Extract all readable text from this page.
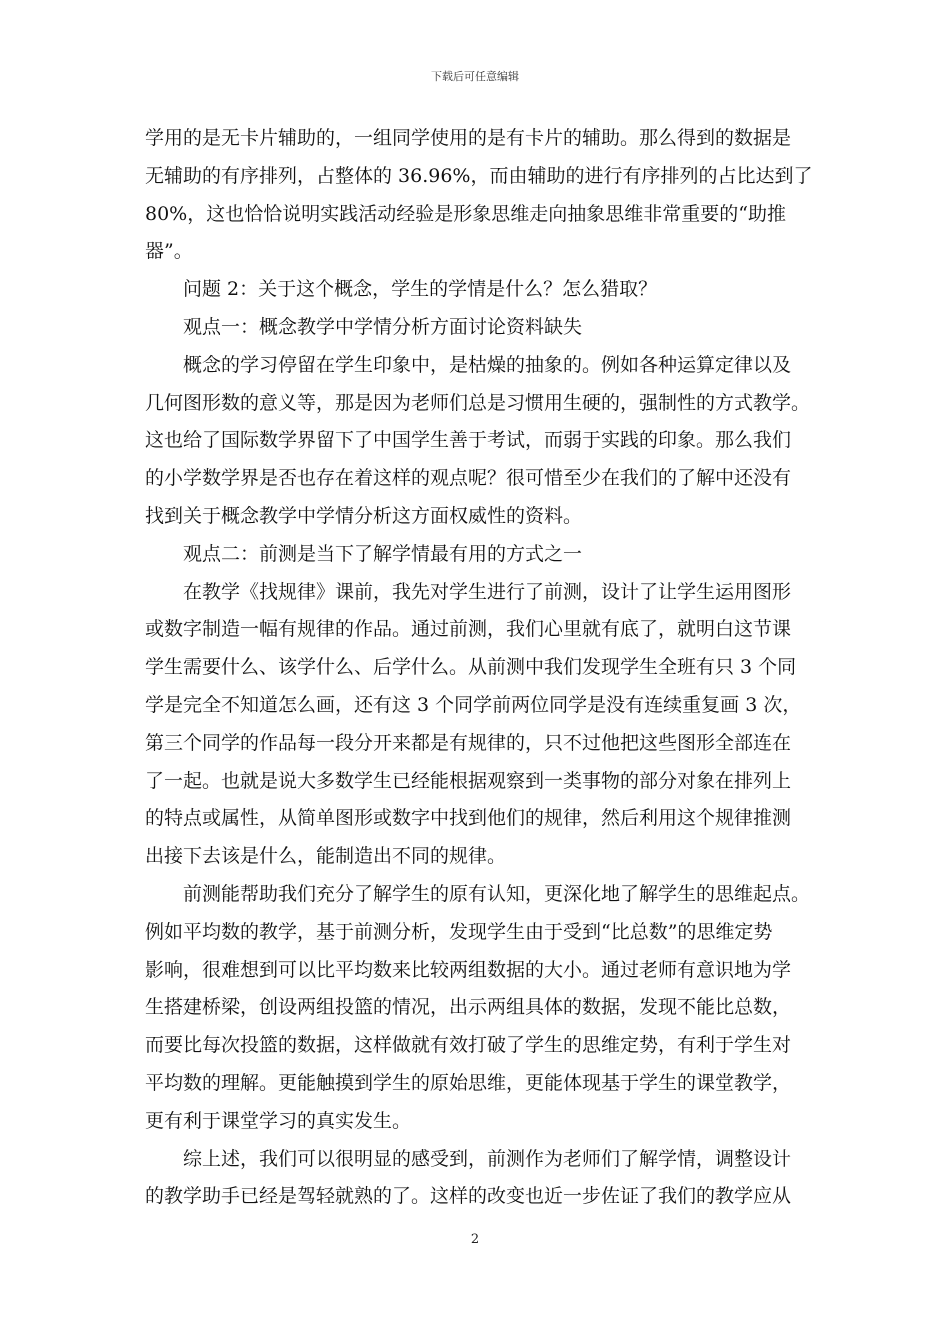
下载后可任意编辑
学用的是无卡片辅助的，一组同学使用的是有卡片的辅助。那么得到的数据是
无辅助的有序排列，占整体的 36.96%，而由辅助的进行有序排列的占比达到了
80%，这也恰恰说明实践活动经验是形象思维走向抽象思维非常重要的“助推
器”。
问题 2：关于这个概念，学生的学情是什么？怎么猎取？
观点一：概念教学中学情分析方面讨论资料缺失
概念的学习停留在学生印象中，是枯燥的抽象的。例如各种运算定律以及
几何图形数的意义等，那是因为老师们总是习惯用生硬的，强制性的方式教学。
这也给了国际数学界留下了中国学生善于考试，而弱于实践的印象。那么我们
的小学数学界是否也存在着这样的观点呢？很可惜至少在我们的了解中还没有
找到关于概念教学中学情分析这方面权威性的资料。
观点二：前测是当下了解学情最有用的方式之一
在教学《找规律》课前，我先对学生进行了前测，设计了让学生运用图形
或数字制造一幅有规律的作品。通过前测，我们心里就有底了，就明白这节课
学生需要什么、该学什么、后学什么。从前测中我们发现学生全班有只 3 个同
学是完全不知道怎么画，还有这 3 个同学前两位同学是没有连续重复画 3 次，
第三个同学的作品每一段分开来都是有规律的，只不过他把这些图形全部连在
了一起。也就是说大多数学生已经能根据观察到一类事物的部分对象在排列上
的特点或属性，从简单图形或数字中找到他们的规律，然后利用这个规律推测
出接下去该是什么，能制造出不同的规律。
前测能帮助我们充分了解学生的原有认知，更深化地了解学生的思维起点。
例如平均数的教学，基于前测分析，发现学生由于受到“比总数”的思维定势
影响，很难想到可以比平均数来比较两组数据的大小。通过老师有意识地为学
生搭建桥梁，创设两组投篮的情况，出示两组具体的数据，发现不能比总数，
而要比每次投篮的数据，这样做就有效打破了学生的思维定势，有利于学生对
平均数的理解。更能触摸到学生的原始思维，更能体现基于学生的课堂教学，
更有利于课堂学习的真实发生。
综上述，我们可以很明显的感受到，前测作为老师们了解学情，调整设计
的教学助手已经是驾轻就熟的了。这样的改变也近一步佐证了我们的教学应从
2
